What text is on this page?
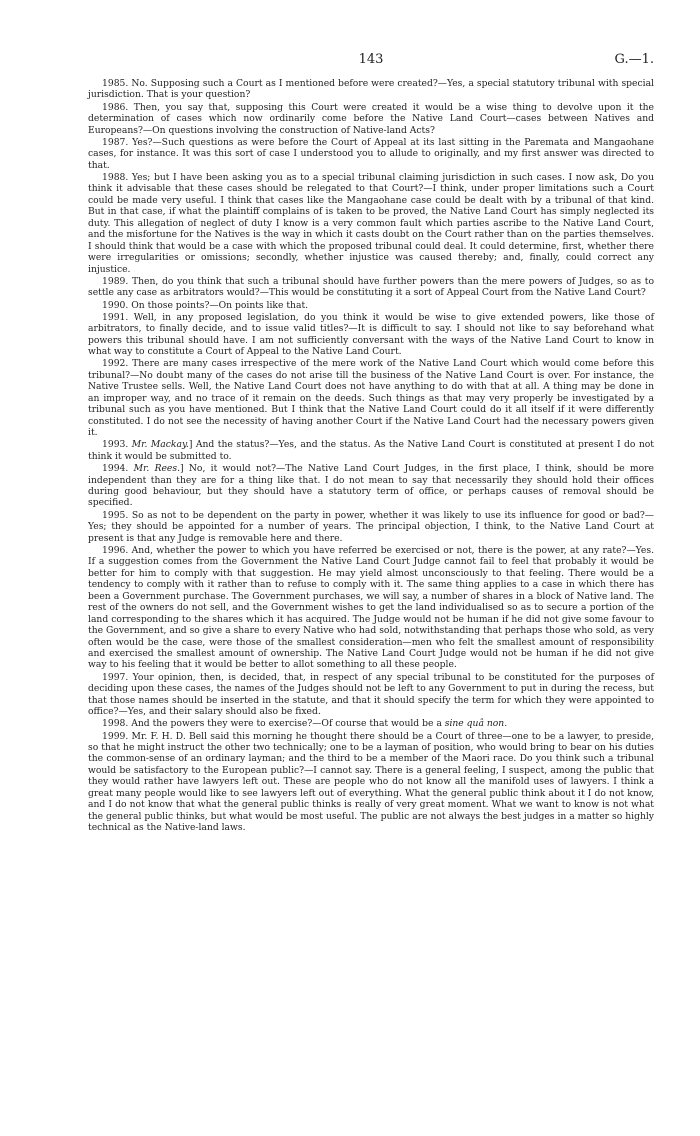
143	G.—1.

1985. No. Supposing such a Court as I mentioned before were created?—Yes, a special statutory tribunal with special jurisdiction. That is your question?

1986. Then, you say that, supposing this Court were created it would be a wise thing to devolve upon it the determination of cases which now ordinarily come before the Native Land Court—cases between Natives and Europeans?—On questions involving the construction of Native-land Acts?

1987. Yes?—Such questions as were before the Court of Appeal at its last sitting in the Paremata and Mangaohane cases, for instance. It was this sort of case I understood you to allude to originally, and my first answer was directed to that.

1988. Yes; but I have been asking you as to a special tribunal claiming jurisdiction in such cases. I now ask, Do you think it advisable that these cases should be relegated to that Court?—I think, under proper limitations such a Court could be made very useful. I think that cases like the Mangaohane case could be dealt with by a tribunal of that kind. But in that case, if what the plaintiff complains of is taken to be proved, the Native Land Court has simply neglected its duty. This allegation of neglect of duty I know is a very common fault which parties ascribe to the Native Land Court, and the misfortune for the Natives is the way in which it casts doubt on the Court rather than on the parties themselves. I should think that would be a case with which the proposed tribunal could deal. It could determine, first, whether there were irregularities or omissions; secondly, whether injustice was caused thereby; and, finally, could correct any injustice.

1989. Then, do you think that such a tribunal should have further powers than the mere powers of Judges, so as to settle any case as arbitrators would?—This would be constituting it a sort of Appeal Court from the Native Land Court?

1990. On those points?—On points like that.

1991. Well, in any proposed legislation, do you think it would be wise to give extended powers, like those of arbitrators, to finally decide, and to issue valid titles?—It is difficult to say. I should not like to say beforehand what powers this tribunal should have. I am not sufficiently conversant with the ways of the Native Land Court to know in what way to constitute a Court of Appeal to the Native Land Court.

1992. There are many cases irrespective of the mere work of the Native Land Court which would come before this tribunal?—No doubt many of the cases do not arise till the business of the Native Land Court is over. For instance, the Native Trustee sells. Well, the Native Land Court does not have anything to do with that at all. A thing may be done in an improper way, and no trace of it remain on the deeds. Such things as that may very properly be investigated by a tribunal such as you have mentioned. But I think that the Native Land Court could do it all itself if it were differently constituted. I do not see the necessity of having another Court if the Native Land Court had the necessary powers given it.

1993. Mr. Mackay.] And the status?—Yes, and the status. As the Native Land Court is constituted at present I do not think it would be submitted to.

1994. Mr. Rees.] No, it would not?—The Native Land Court Judges, in the first place, I think, should be more independent than they are for a thing like that. I do not mean to say that necessarily they should hold their offices during good behaviour, but they should have a statutory term of office, or perhaps causes of removal should be specified.

1995. So as not to be dependent on the party in power, whether it was likely to use its influence for good or bad?—Yes; they should be appointed for a number of years. The principal objection, I think, to the Native Land Court at present is that any Judge is removable here and there.

1996. And, whether the power to which you have referred be exercised or not, there is the power, at any rate?—Yes. If a suggestion comes from the Government the Native Land Court Judge cannot fail to feel that probably it would be better for him to comply with that suggestion. He may yield almost unconsciously to that feeling. There would be a tendency to comply with it rather than to refuse to comply with it. The same thing applies to a case in which there has been a Government purchase. The Government purchases, we will say, a number of shares in a block of Native land. The rest of the owners do not sell, and the Government wishes to get the land individualised so as to secure a portion of the land corresponding to the shares which it has acquired. The Judge would not be human if he did not give some favour to the Government, and so give a share to every Native who had sold, notwithstanding that perhaps those who sold, as very often would be the case, were those of the smallest consideration—men who felt the smallest amount of responsibility and exercised the smallest amount of ownership. The Native Land Court Judge would not be human if he did not give way to his feeling that it would be better to allot something to all these people.

1997. Your opinion, then, is decided, that, in respect of any special tribunal to be constituted for the purposes of deciding upon these cases, the names of the Judges should not be left to any Government to put in during the recess, but that those names should be inserted in the statute, and that it should specify the term for which they were appointed to office?—Yes, and their salary should also be fixed.

1998. And the powers they were to exercise?—Of course that would be a sine quâ non.

1999. Mr. F. H. D. Bell said this morning he thought there should be a Court of three—one to be a lawyer, to preside, so that he might instruct the other two technically; one to be a layman of position, who would bring to bear on his duties the common-sense of an ordinary layman; and the third to be a member of the Maori race. Do you think such a tribunal would be satisfactory to the European public?—I cannot say. There is a general feeling, I suspect, among the public that they would rather have lawyers left out. These are people who do not know all the manifold uses of lawyers. I think a great many people would like to see lawyers left out of everything. What the general public think about it I do not know, and I do not know that what the general public thinks is really of very great moment. What we want to know is not what the general public thinks, but what would be most useful. The public are not always the best judges in a matter so highly technical as the Native-land laws.
